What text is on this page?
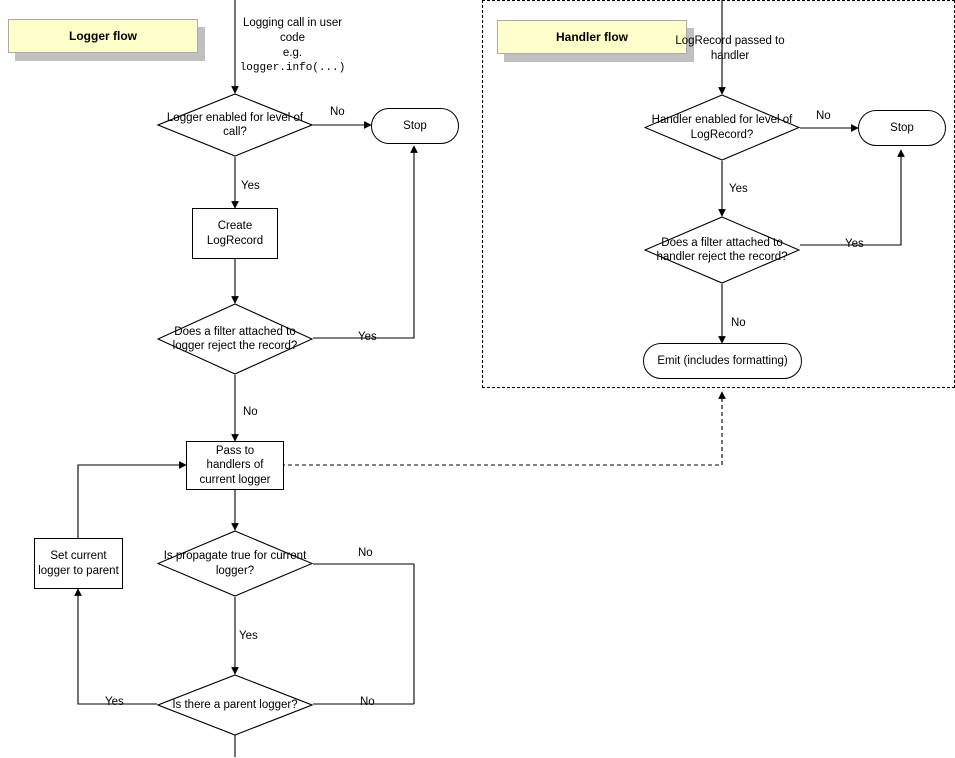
Logger flow	Handler flow
Logging call in user
code
e.g.
logger.info(...)
LogRecord passed to
handler
Logger enabled for level of call?
Stop
Create
LogRecord
Does a filter attached to logger reject the record?
Pass to
handlers of
current logger
Is propagate true for current logger?
Set current
logger to parent
Is there a parent logger?
Handler enabled for level of LogRecord?
Stop
Does a filter attached to handler reject the record?
Emit (includes formatting)
No
Yes
Yes
No
No
Yes
Yes	No
No
Yes
Yes
No
